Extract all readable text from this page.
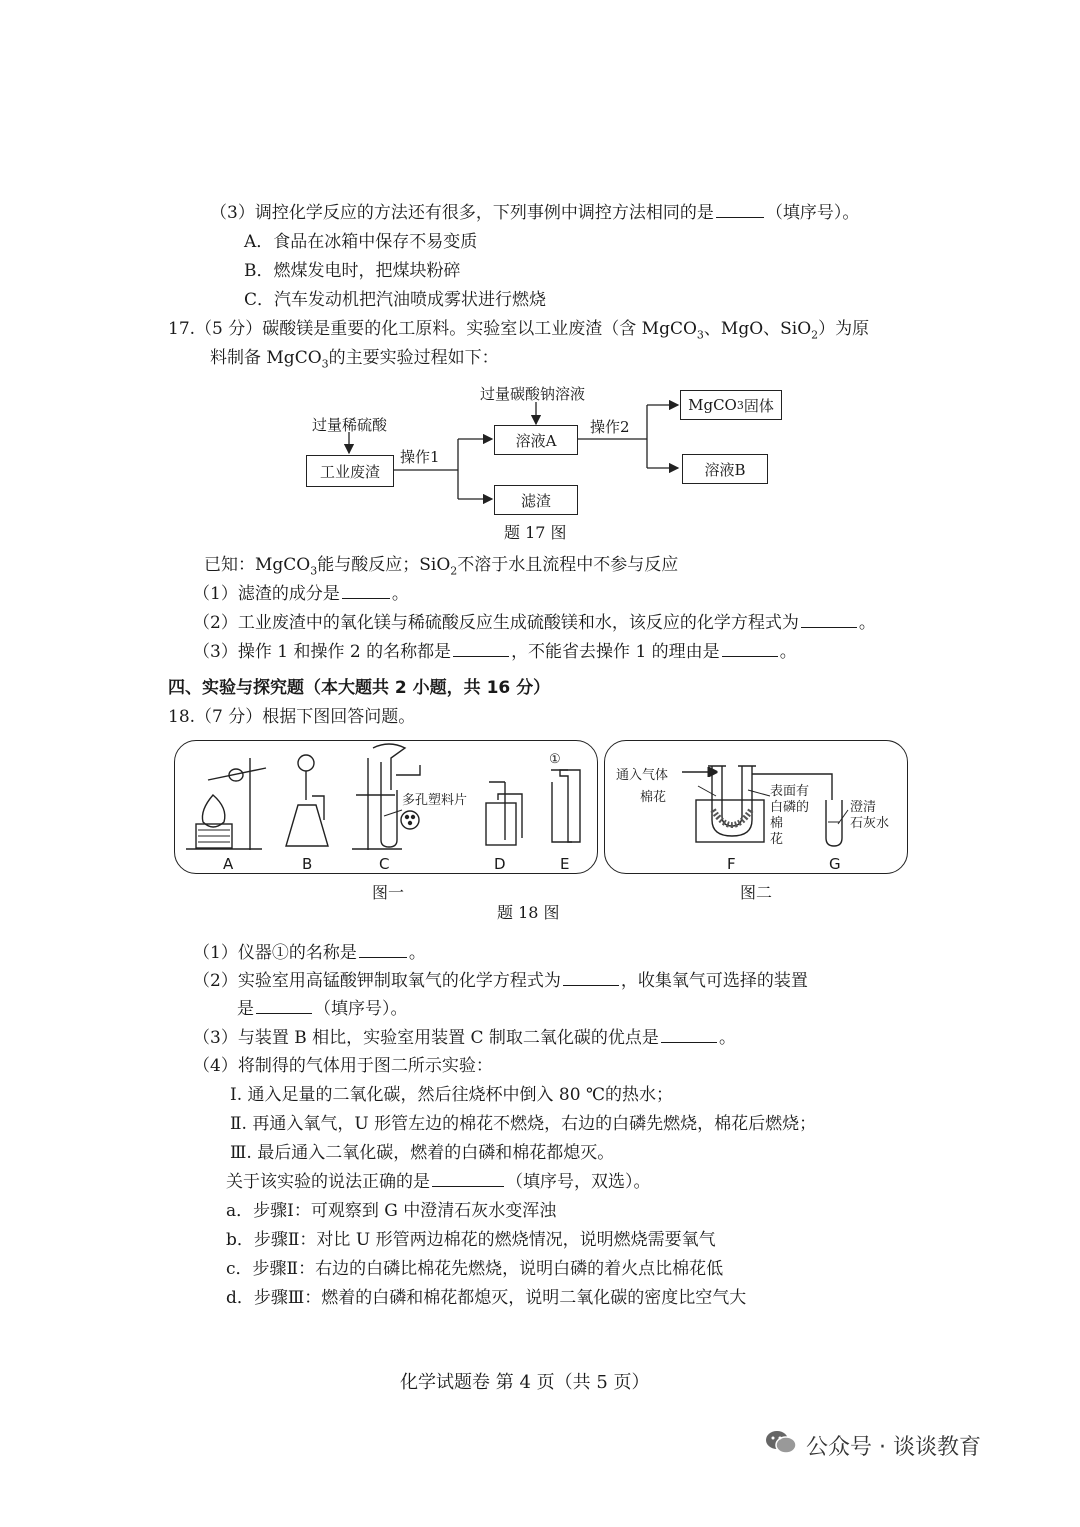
（3）调控化学反应的方法还有很多，下列事例中调控方法相同的是	（填序号）。
A．食品在冰箱中保存不易变质
B．燃煤发电时，把煤块粉碎
C．汽车发动机把汽油喷成雾状进行燃烧
17.（5 分）碳酸镁是重要的化工原料。实验室以工业废渣（含 MgCO$_3$、MgO、SiO$_2$）为原
料制备 MgCO$_3$的主要实验过程如下：
过量稀硫酸
过量碳酸钠溶液
工业废渣
操作1
溶液A
滤渣
操作2
MgCO 3 固体
溶液B
题 17 图
已知：MgCO$_3$能与酸反应；SiO$_2$不溶于水且流程中不参与反应
（1）滤渣的成分是	。
（2）工业废渣中的氧化镁与稀硫酸反应生成硫酸镁和水，该反应的化学方程式为	。
（3）操作 1 和操作 2 的名称都是	，不能省去操作 1 的理由是	。
四、实验与探究题（本大题共 2 小题，共 16 分）
18.（7 分）根据下图回答问题。
多孔塑料片
①
A	B	C	D	E
图一
通入气体
棉花	表面有
白磷的棉
花
澄清
石灰水
F	G
图二
题 18 图
（1）仪器①的名称是	。
（2）实验室用高锰酸钾制取氧气的化学方程式为	，收集氧气可选择的装置
是	（填序号）。
（3）与装置 B 相比，实验室用装置 C 制取二氧化碳的优点是	。
（4）将制得的气体用于图二所示实验：
Ⅰ. 通入足量的二氧化碳，然后往烧杯中倒入 80 ℃的热水；
Ⅱ. 再通入氧气，U 形管左边的棉花不燃烧，右边的白磷先燃烧，棉花后燃烧；
Ⅲ. 最后通入二氧化碳，燃着的白磷和棉花都熄灭。
关于该实验的说法正确的是	（填序号，双选）。
a．步骤Ⅰ：可观察到 G 中澄清石灰水变浑浊
b．步骤Ⅱ：对比 U 形管两边棉花的燃烧情况，说明燃烧需要氧气
c．步骤Ⅱ：右边的白磷比棉花先燃烧，说明白磷的着火点比棉花低
d．步骤Ⅲ：燃着的白磷和棉花都熄灭，说明二氧化碳的密度比空气大
化学试题卷 第 4 页（共 5 页）
公众号 · 谈谈教育
